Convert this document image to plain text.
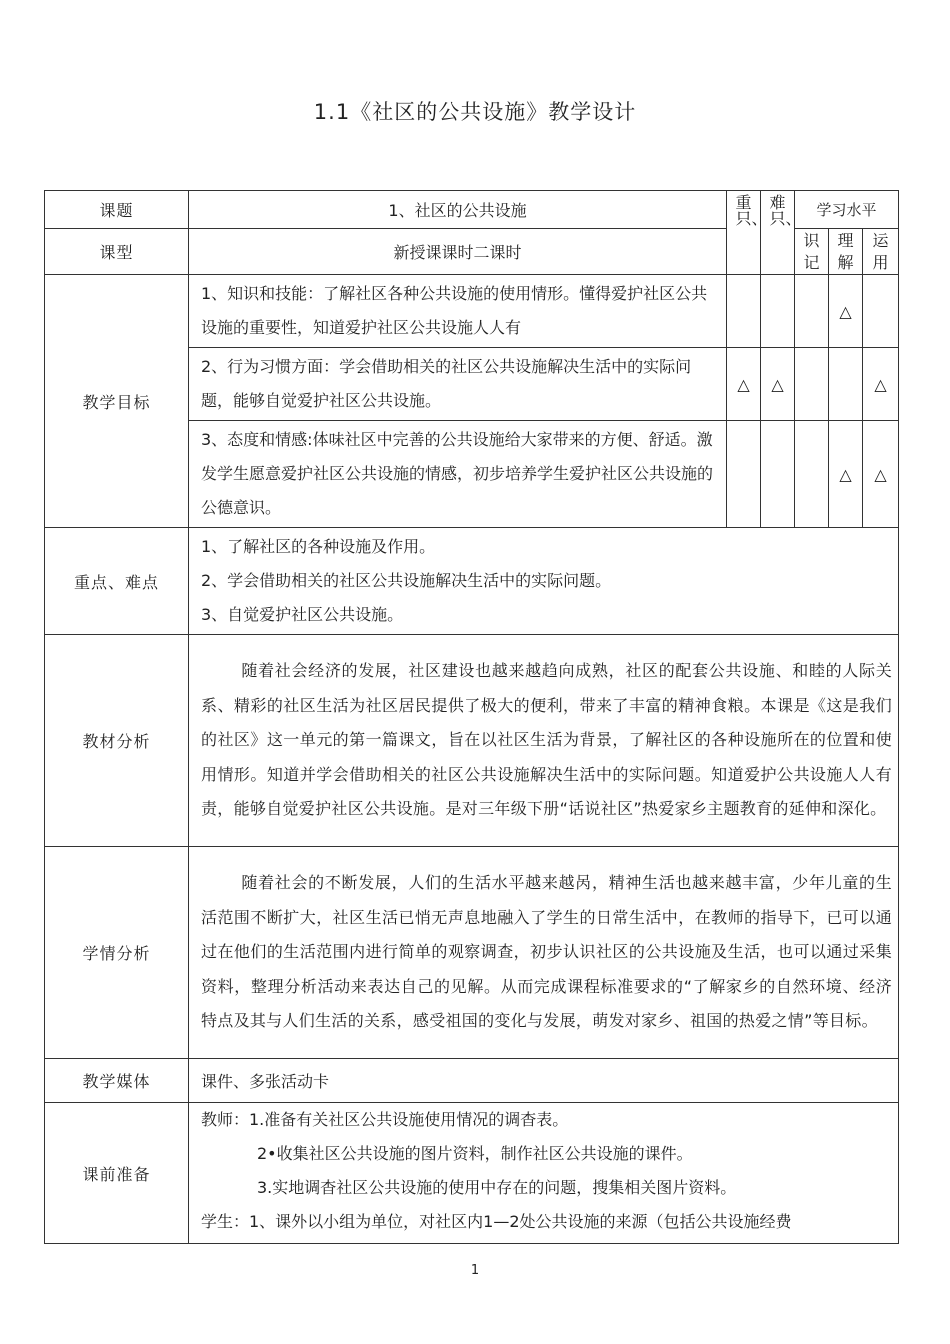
1.1《社区的公共设施》教学设计
课题	1、社区的公共设施	重只、	难只、	学习水平		
课型	新授课课时二课时			识记	理解	运用

教学目标	1、知识和技能：了解社区各种公共设施的使用情形。懂得爱护社区公共设施的重要性，知道爱护社区公共设施人人有				△	
	2、行为习惯方面：学会借助相关的社区公共设施解决生活中的实际问题，能够自觉爱护社区公共设施。	△	△			△
	3、态度和情感:体味社区中完善的公共设施给大家带来的方便、舒适。激发学生愿意爱护社区公共设施的情感，初步培养学生爱护社区公共设施的公德意识。				△	△
重点、难点	1、了解社区的各种设施及作用。
2、学会借助相关的社区公共设施解决生活中的实际问题。
3、自觉爱护社区公共设施。					

教材分析	随着社会经济的发展，社区建设也越来越趋向成熟，社区的配套公共设施、和睦的人际关系、精彩的社区生活为社区居民提供了极大的便利，带来了丰富的精神食粮。本课是《这是我们的社区》这一单元的第一篇课文，旨在以社区生活为背景，了解社区的各种设施所在的位置和使用情形。知道并学会借助相关的社区公共设施解决生活中的实际问题。知道爱护公共设施人人有责，能够自觉爱护社区公共设施。是对三年级下册“话说社区”热爱家乡主题教育的延伸和深化。					
学情分析	随着社会的不断发展，人们的生活水平越来越呙，精神生活也越来越丰富，少年儿童的生活范围不断扩大，社区生活已悄无声息地融入了学生的日常生活中，在教师的指导下，已可以通过在他们的生活范围内进行简单的观察调查，初步认识社区的公共设施及生活，也可以通过采集资料，整理分析活动来表达自己的见解。从而完成课程标准要求的“了解家乡的自然环境、经济特点及其与人们生活的关系，感受祖国的变化与发展，萌发对家乡、祖国的热爱之情”等目标。					
教学媒体	课件、多张活动卡					
课前准备	教师：1.准备有关社区公共设施使用情况的调杳表。
2•收集社区公共设施的图片资料，制作社区公共设施的课件。
3.实地调杳社区公共设施的使用中存在的问题，搜集相关图片资料。
学生：1、课外以小组为单位，对社区内1—2处公共设施的来源（包括公共设施经费					
1
